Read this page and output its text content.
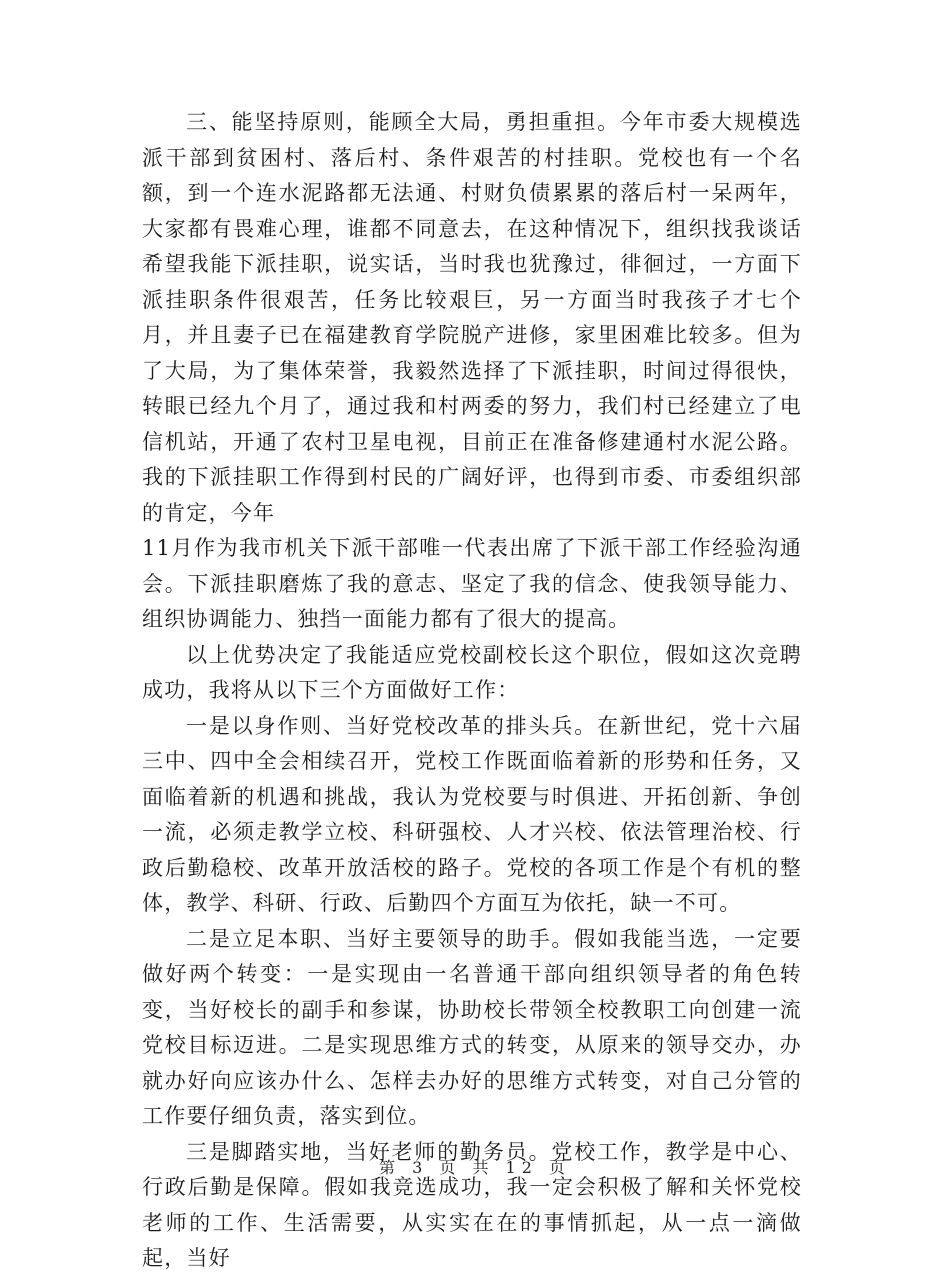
三、能坚持原则，能顾全大局，勇担重担。今年市委大规模选派干部到贫困村、落后村、条件艰苦的村挂职。党校也有一个名额，到一个连水泥路都无法通、村财负债累累的落后村一呆两年，大家都有畏难心理，谁都不同意去，在这种情况下，组织找我谈话希望我能下派挂职，说实话，当时我也犹豫过，徘徊过，一方面下派挂职条件很艰苦，任务比较艰巨，另一方面当时我孩子才七个月，并且妻子已在福建教育学院脱产进修，家里困难比较多。但为了大局，为了集体荣誉，我毅然选择了下派挂职，时间过得很快，转眼已经九个月了，通过我和村两委的努力，我们村已经建立了电信机站，开通了农村卫星电视，目前正在准备修建通村水泥公路。我的下派挂职工作得到村民的广阔好评，也得到市委、市委组织部的肯定，今年

11月作为我市机关下派干部唯一代表出席了下派干部工作经验沟通会。下派挂职磨炼了我的意志、坚定了我的信念、使我领导能力、组织协调能力、独挡一面能力都有了很大的提高。

以上优势决定了我能适应党校副校长这个职位，假如这次竞聘成功，我将从以下三个方面做好工作：

一是以身作则、当好党校改革的排头兵。在新世纪，党十六届三中、四中全会相续召开，党校工作既面临着新的形势和任务，又面临着新的机遇和挑战，我认为党校要与时俱进、开拓创新、争创一流，必须走教学立校、科研强校、人才兴校、依法管理治校、行政后勤稳校、改革开放活校的路子。党校的各项工作是个有机的整体，教学、科研、行政、后勤四个方面互为依托，缺一不可。

二是立足本职、当好主要领导的助手。假如我能当选，一定要做好两个转变：一是实现由一名普通干部向组织领导者的角色转变，当好校长的副手和参谋，协助校长带领全校教职工向创建一流党校目标迈进。二是实现思维方式的转变，从原来的领导交办，办就办好向应该办什么、怎样去办好的思维方式转变，对自己分管的工作要仔细负责，落实到位。

三是脚踏实地，当好老师的勤务员。党校工作，教学是中心、行政后勤是保障。假如我竞选成功，我一定会积极了解和关怀党校老师的工作、生活需要，从实实在在的事情抓起，从一点一滴做起，当好

第 3 页 共 12 页
